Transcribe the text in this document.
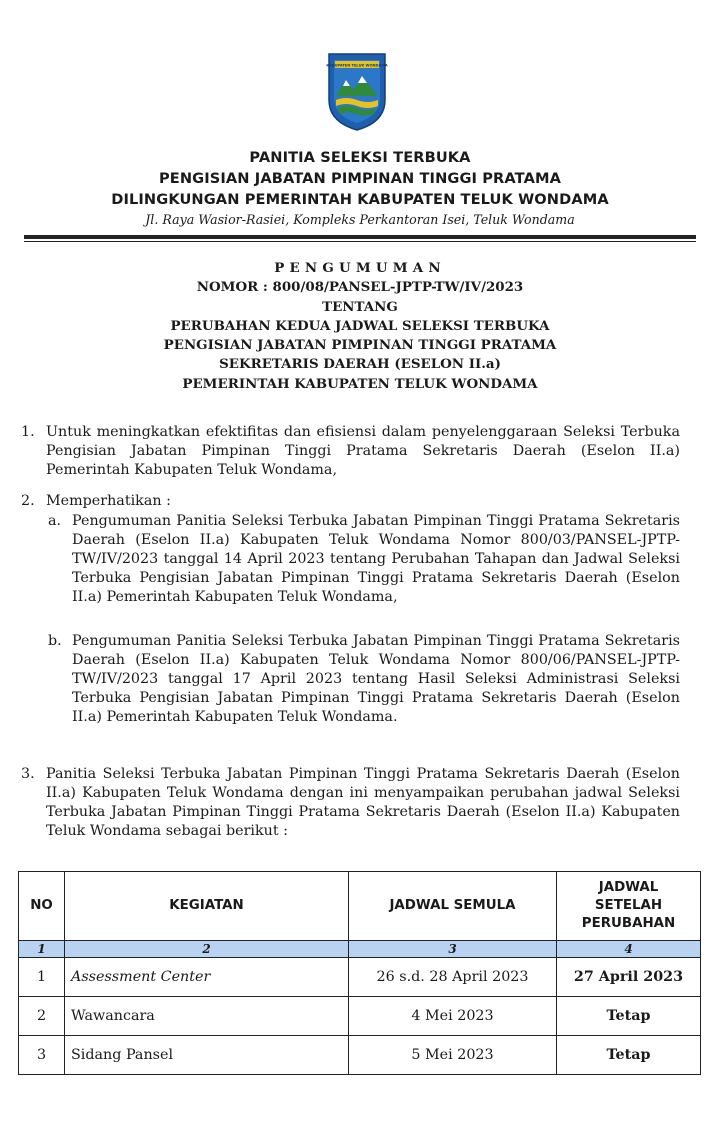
KABUPATEN TELUK WONDAMA
PANITIA SELEKSI TERBUKA
PENGISIAN JABATAN PIMPINAN TINGGI PRATAMA
DILINGKUNGAN PEMERINTAH KABUPATEN TELUK WONDAMA
Jl. Raya Wasior-Rasiei, Kompleks Perkantoran Isei, Teluk Wondama
PENGUMUMAN
NOMOR : 800/08/PANSEL-JPTP-TW/IV/2023
TENTANG
PERUBAHAN KEDUA JADWAL SELEKSI TERBUKA
PENGISIAN JABATAN PIMPINAN TINGGI PRATAMA
SEKRETARIS DAERAH (ESELON II.a)
PEMERINTAH KABUPATEN TELUK WONDAMA
1. Untuk meningkatkan efektifitas dan efisiensi dalam penyelenggaraan Seleksi Terbuka Pengisian Jabatan Pimpinan Tinggi Pratama Sekretaris Daerah (Eselon II.a) Pemerintah Kabupaten Teluk Wondama,
2. Memperhatikan :
a. Pengumuman Panitia Seleksi Terbuka Jabatan Pimpinan Tinggi Pratama Sekretaris Daerah (Eselon II.a) Kabupaten Teluk Wondama Nomor 800/03/PANSEL-JPTP-TW/IV/2023 tanggal 14 April 2023 tentang Perubahan Tahapan dan Jadwal Seleksi Terbuka Pengisian Jabatan Pimpinan Tinggi Pratama Sekretaris Daerah (Eselon II.a) Pemerintah Kabupaten Teluk Wondama,
b. Pengumuman Panitia Seleksi Terbuka Jabatan Pimpinan Tinggi Pratama Sekretaris Daerah (Eselon II.a) Kabupaten Teluk Wondama Nomor 800/06/PANSEL-JPTP-TW/IV/2023 tanggal 17 April 2023 tentang Hasil Seleksi Administrasi Seleksi Terbuka Pengisian Jabatan Pimpinan Tinggi Pratama Sekretaris Daerah (Eselon II.a) Pemerintah Kabupaten Teluk Wondama.
3. Panitia Seleksi Terbuka Jabatan Pimpinan Tinggi Pratama Sekretaris Daerah (Eselon II.a) Kabupaten Teluk Wondama dengan ini menyampaikan perubahan jadwal Seleksi Terbuka Jabatan Pimpinan Tinggi Pratama Sekretaris Daerah (Eselon II.a) Kabupaten Teluk Wondama sebagai berikut :
NO	KEGIATAN	JADWAL SEMULA	JADWAL
SETELAH
PERUBAHAN

1	2	3	4
1	Assessment Center	26 s.d. 28 April 2023	27 April 2023
2	Wawancara	4 Mei 2023	Tetap
3	Sidang Pansel	5 Mei 2023	Tetap
